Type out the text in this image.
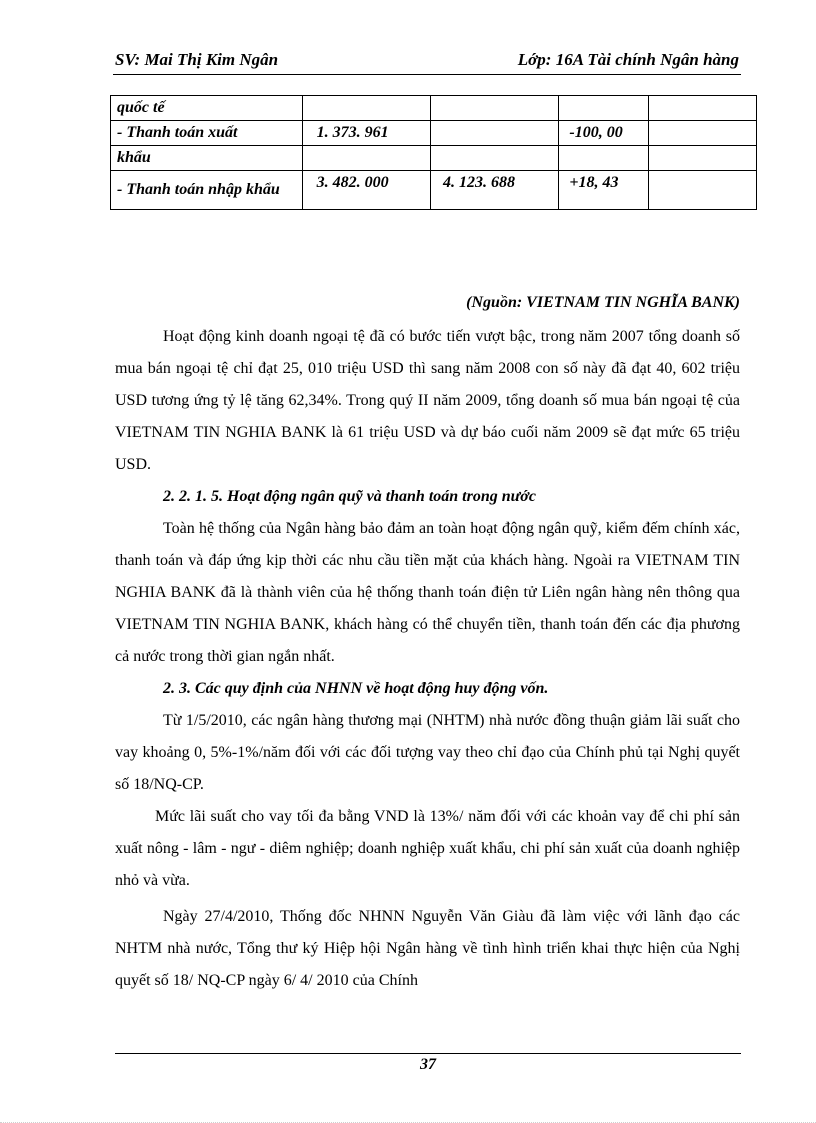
SV: Mai Thị Kim Ngân	Lớp: 16A Tài chính Ngân hàng
quốc tế				
- Thanh toán xuất	1. 373. 961		-100, 00	
khẩu				
- Thanh toán nhập khẩu	3. 482. 000	4. 123. 688	+18, 43	
(Nguồn: VIETNAM TIN NGHĨA BANK)

Hoạt động kinh doanh ngoại tệ đã có bước tiến vượt bậc, trong năm 2007 tổng doanh số mua bán ngoại tệ chỉ đạt 25, 010 triệu USD thì sang năm 2008 con số này đã đạt 40, 602 triệu USD tương ứng tỷ lệ tăng 62,34%. Trong quý II năm 2009, tổng doanh số mua bán ngoại tệ của VIETNAM TIN NGHIA BANK là 61 triệu USD và dự báo cuối năm 2009 sẽ đạt mức 65 triệu USD.

2. 2. 1. 5. Hoạt động ngân quỹ và thanh toán trong nước

Toàn hệ thống của Ngân hàng bảo đảm an toàn hoạt động ngân quỹ, kiểm đếm chính xác, thanh toán và đáp ứng kịp thời các nhu cầu tiền mặt của khách hàng. Ngoài ra VIETNAM TIN NGHIA BANK đã là thành viên của hệ thống thanh toán điện tử Liên ngân hàng nên thông qua VIETNAM TIN NGHIA BANK, khách hàng có thể chuyển tiền, thanh toán đến các địa phương cả nước trong thời gian ngắn nhất.

2. 3. Các quy định của NHNN về hoạt động huy động vốn.

Từ 1/5/2010, các ngân hàng thương mại (NHTM) nhà nước đồng thuận giảm lãi suất cho vay khoảng 0, 5%-1%/năm đối với các đối tượng vay theo chỉ đạo của Chính phủ tại Nghị quyết số 18/NQ-CP.

Mức lãi suất cho vay tối đa bằng VND là 13%/ năm đối với các khoản vay để chi phí sản xuất nông - lâm - ngư - diêm nghiệp; doanh nghiệp xuất khẩu, chi phí sản xuất của doanh nghiệp nhỏ và vừa.

Ngày 27/4/2010, Thống đốc NHNN Nguyễn Văn Giàu đã làm việc với lãnh đạo các NHTM nhà nước, Tổng thư ký Hiệp hội Ngân hàng về tình hình triển khai thực hiện của Nghị quyết số 18/ NQ-CP ngày 6/ 4/ 2010 của Chính

37
